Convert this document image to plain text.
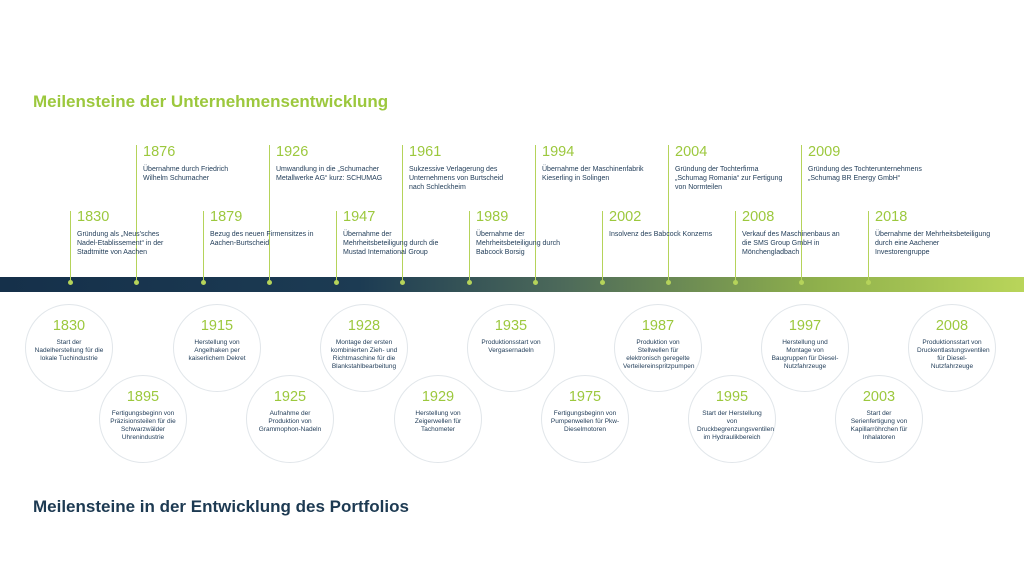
Meilensteine der Unternehmensentwicklung
1830
Gründung als „Neus'sches Nadel-Etablissement“ in der Stadtmitte von Aachen
1876
Übernahme durch Friedrich Wilhelm Schumacher
1879
Bezug des neuen Firmensitzes in Aachen-Burtscheid
1926
Umwandlung in die „Schumacher Metallwerke AG“ kurz: SCHUMAG
1947
Übernahme der Mehrheitsbeteiligung durch die Mustad International Group
1961
Sukzessive Verlagerung des Unternehmens von Burtscheid nach Schleckheim
1989
Übernahme der Mehrheitsbeteiligung durch Babcock Borsig
1994
Übernahme der Maschinenfabrik Kieserling in Solingen
2002
Insolvenz des Babcock Konzerns
2004
Gründung der Tochterfirma „Schumag Romania“ zur Fertigung von Normteilen
2008
Verkauf des Maschinenbaus an die SMS Group GmbH in Mönchengladbach
2009
Gründung des Tochterunternehmens „Schumag BR Energy GmbH“
2018
Übernahme der Mehrheitsbeteiligung durch eine Aachener Investorengruppe
1830
Start der Nadelherstellung für die lokale Tuchindustrie
1895
Fertigungsbeginn von Präzisionsteilen für die Schwarzwälder Uhrenindustrie
1915
Herstellung von Angelhaken per kaiserlichem Dekret
1925
Aufnahme der Produktion von Grammophon-Nadeln
1928
Montage der ersten kombinierten Zieh- und Richtmaschine für die Blankstahlbearbeitung
1929
Herstellung von Zeigerwellen für Tachometer
1935
Produktionsstart von Vergasernadeln
1975
Fertigungsbeginn von Pumpenwellen für Pkw-Dieselmotoren
1987
Produktion von Stellwellen für elektronisch geregelte Verteilereinspritzpumpen
1995
Start der Herstellung von Druckbegrenzungsventilen im Hydraulikbereich
1997
Herstellung und Montage von Baugruppen für Diesel-Nutzfahrzeuge
2003
Start der Serienfertigung von Kapillarröhrchen für Inhalatoren
2008
Produktionsstart von Druckentlastungsventilen für Diesel-Nutzfahrzeuge
Meilensteine in der Entwicklung des Portfolios
